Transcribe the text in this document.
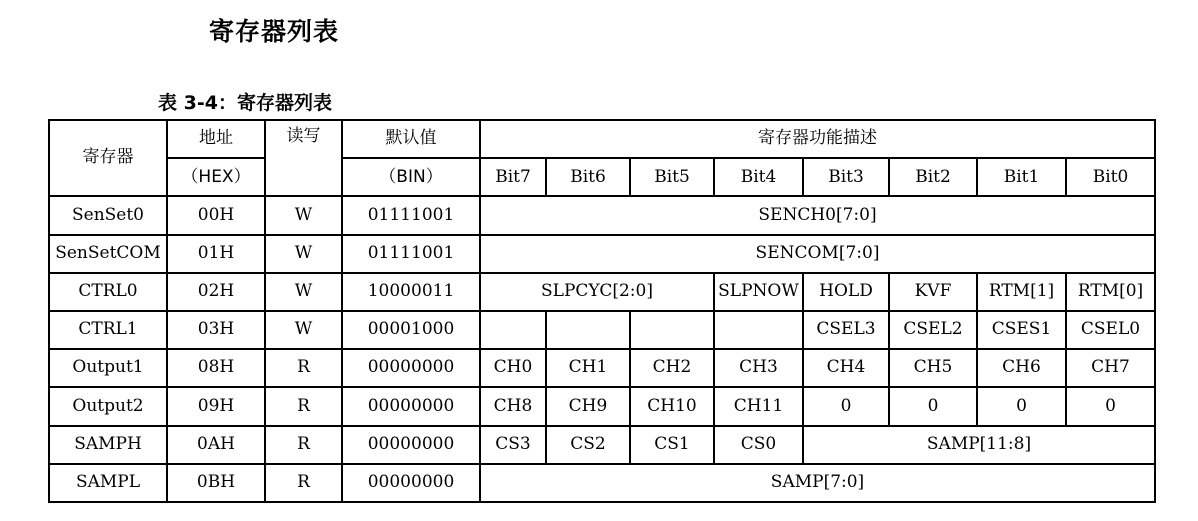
寄存器列表
表 3-4：寄存器列表
寄存器	地址	读写	默认值	寄存器功能描述							
	（HEX）		（BIN）	Bit7	Bit6	Bit5	Bit4	Bit3	Bit2	Bit1	Bit0
SenSet0	00H	W	01111001	SENCH0[7:0]							
SenSetCOM	01H	W	01111001	SENCOM[7:0]							
CTRL0	02H	W	10000011	SLPCYC[2:0]			SLPNOW	HOLD	KVF	RTM[1]	RTM[0]
CTRL1	03H	W	00001000					CSEL3	CSEL2	CSES1	CSEL0
Output1	08H	R	00000000	CH0	CH1	CH2	CH3	CH4	CH5	CH6	CH7
Output2	09H	R	00000000	CH8	CH9	CH10	CH11	0	0	0	0
SAMPH	0AH	R	00000000	CS3	CS2	CS1	CS0	SAMP[11:8]			
SAMPL	0BH	R	00000000	SAMP[7:0]							
